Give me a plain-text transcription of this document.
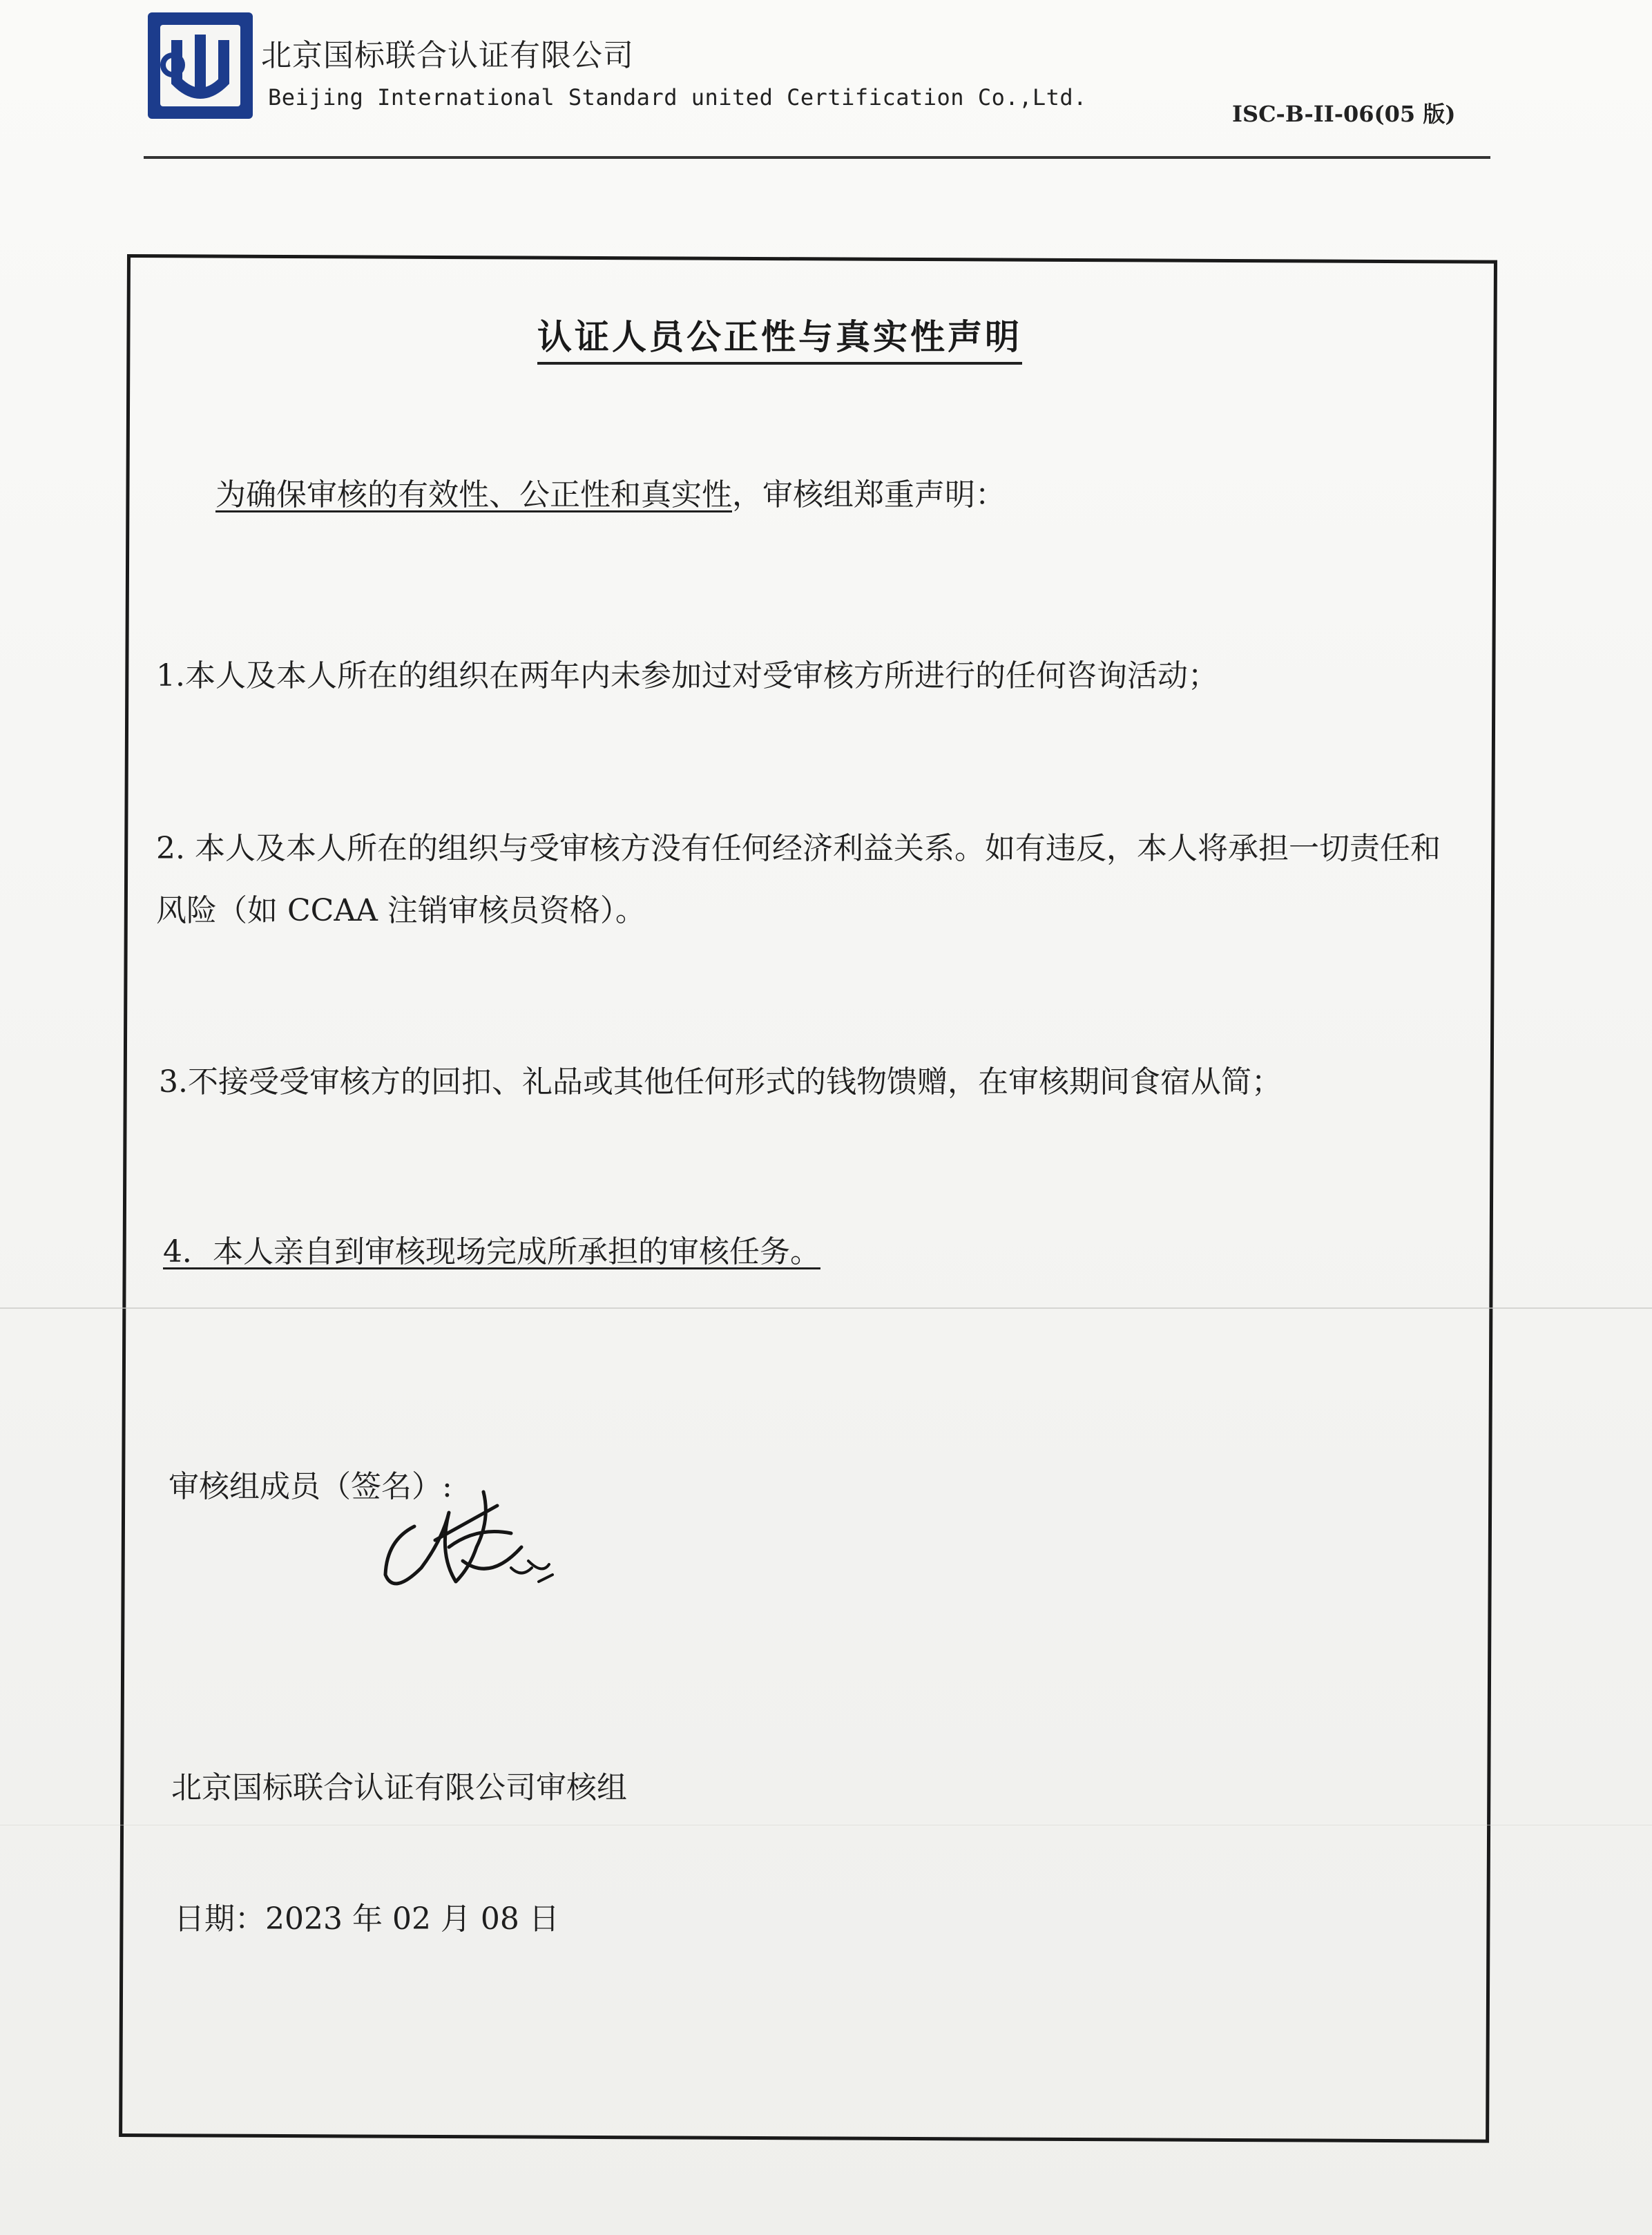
北京国标联合认证有限公司
Beijing International Standard united Certification Co.,Ltd.
ISC-B-II-06(05 版)
认证人员公正性与真实性声明
为确保审核的有效性、公正性和真实性，审核组郑重声明：
1.本人及本人所在的组织在两年内未参加过对受审核方所进行的任何咨询活动；
2. 本人及本人所在的组织与受审核方没有任何经济利益关系。如有违反，本人将承担一切责任和
风险（如 CCAA 注销审核员资格）。
3.不接受受审核方的回扣、礼品或其他任何形式的钱物馈赠，在审核期间食宿从简；
4．本人亲自到审核现场完成所承担的审核任务。
审核组成员（签名）:
北京国标联合认证有限公司审核组
日期：2023 年 02 月 08 日
